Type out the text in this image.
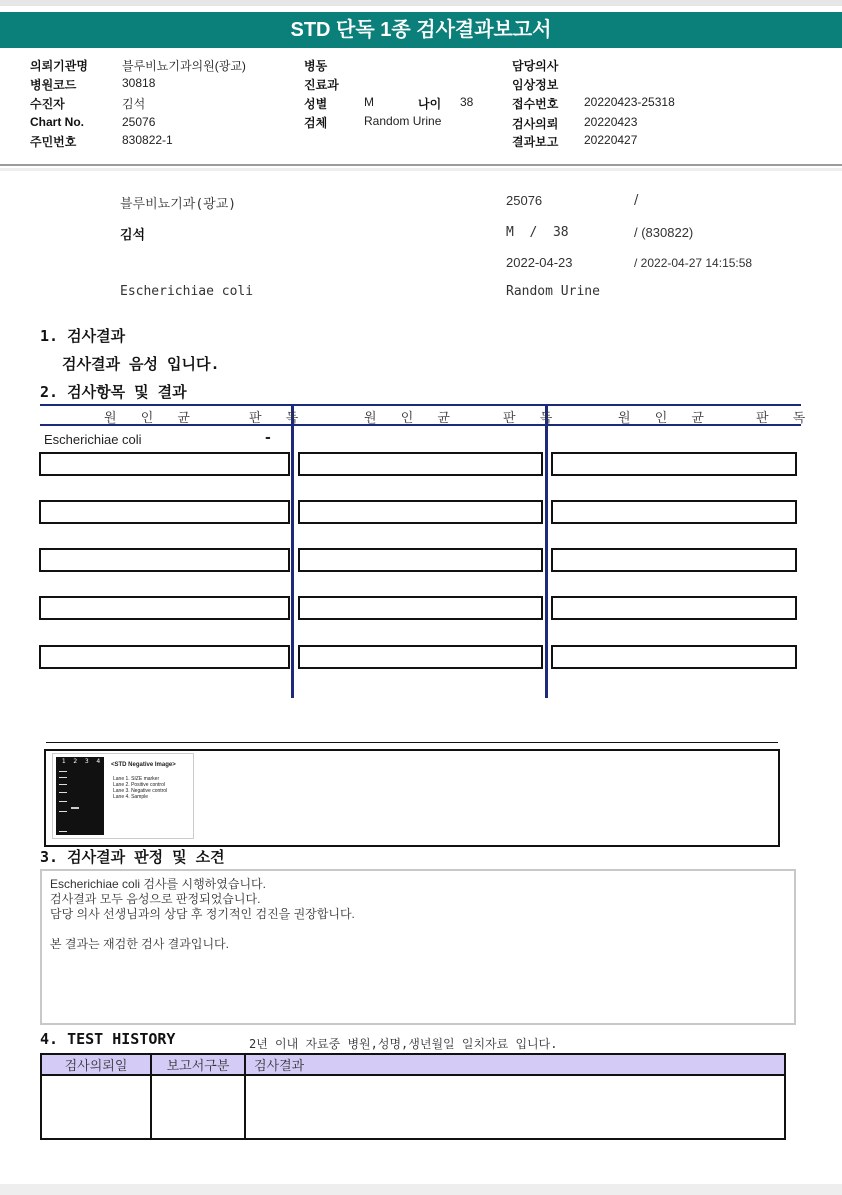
STD 단독 1종 검사결과보고서
의뢰기관명	블루비뇨기과의원(광교)
병원코드	30818
수진자	김석
Chart No.	25076
주민번호	830822-1
병동
진료과
성별	M	나이 38
검체	Random Urine
담당의사
임상정보
접수번호 20220423-25318
검사의뢰 20220423
결과보고 20220427
블루비뇨기과(광교)	25076	/
김석	M  /  38	/ (830822)
2022-04-23	/ 2022-04-27 14:15:58
Escherichiae coli	Random Urine
1. 검사결과
검사결과 음성 입니다.
2. 검사항목 및 결과
원 인 균	판 독	원 인 균	판 독	원 인 균	판 독
Escherichiae coli	-
1 2 3 4 <STD Negative Image>
Lane 1. SIZE marker
Lane 2. Positive control
Lane 3. Negative control
Lane 4. Sample
3. 검사결과 판정 및 소견

Escherichiae coli 검사를 시행하였습니다.

검사결과 모두 음성으로 판정되었습니다.

담당 의사 선생님과의 상담 후 정기적인 검진을 권장합니다.

본 결과는 재검한 검사 결과입니다.

4. TEST HISTORY	2년 이내 자료중 병원,성명,생년월일 일치자료 입니다.
검사의뢰일	보고서구분	검사결과
